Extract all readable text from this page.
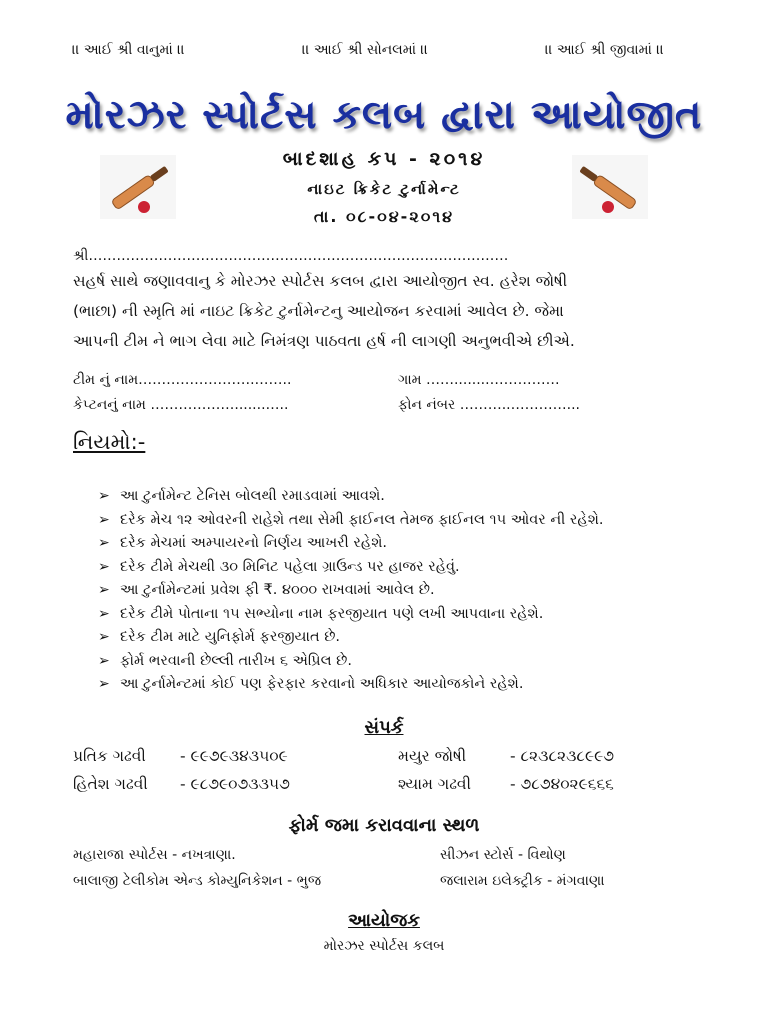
।। આઈ શ્રી વાનુમાં ।।	।। આઈ શ્રી સોનલમાં ।।	।। આઈ શ્રી જીવામાં ।।
મોરઝર સ્પોર્ટસ કલબ દ્વારા આયોજીત
બાદશાહ કપ - ૨૦૧૪
નાઇટ ક્રિકેટ ટુર્નામેન્ટ
તા. ૦૮-૦૪-૨૦૧૪
શ્રી………………………………………………………………………………
સહર્ષ સાથે જણાવવાનુ કે મોરઝર સ્પોર્ટસ કલબ દ્વારા આયોજીત સ્વ. હરેશ જોષી
(ભાછા) ની સ્મૃતિ માં નાઇટ ક્રિકેટ ટુર્નામેન્ટનુ આયોજન કરવામાં આવેલ છે. જેમા
આપની ટીમ ને ભાગ લેવા માટે નિમંત્રણ પાઠવતા હર્ષ ની લાગણી અનુભવીએ છીએ.
ટીમ નું નામ…………………….……..	ગામ ……........……………
કેપ્ટનનું નામ ……………….......…..	ફોન નંબર ………..…………...
નિયમો:-
➢ આ ટુર્નામેન્ટ ટેનિસ બોલથી રમાડવામાં આવશે.
➢ દરેક મેચ ૧૨ ઓવરની રાહેશે તથા સેમી ફાઈનલ તેમજ ફાઈનલ ૧૫ ઓવર ની રહેશે.
➢ દરેક મેચમાં અમ્પાયરનો નિર્ણય આખરી રહેશે.
➢ દરેક ટીમે મેચથી ૩૦ મિનિટ પહેલા ગ્રાઉન્ડ પર હાજર રહેવું.
➢ આ ટુર્નામેન્ટમાં પ્રવેશ ફી ₹. ૪૦૦૦ રાખવામાં આવેલ છે.
➢ દરેક ટીમે પોતાના ૧૫ સભ્યોના નામ ફરજીયાત પણે લખી આપવાના રહેશે.
➢ દરેક ટીમ માટે યુનિફોર્મ ફરજીયાત છે.
➢ ફોર્મ ભરવાની છેલ્લી તારીખ ૬ એપ્રિલ છે.
➢ આ ટુર્નામેન્ટમાં કોઈ પણ ફેરફાર કરવાનો અધિકાર આયોજકોને રહેશે.
સંપર્ક
પ્રતિક ગઢવી - ૯૯૭૯૩૪૩૫૦૯	મયુર જોષી	- ૮૨૩૮૨૩૮૯૯૭
હિતેશ ગઢવી - ૯૮૭૯૦૭૩૩૫૭	શ્યામ ગઢવી	- ૭૮૭૪૦૨૯૬૬૬
ફોર્મ જમા કરાવવાના સ્થળ
મહારાજા સ્પોર્ટસ - નખત્રાણા.	સીઝન સ્ટોર્સ - વિથોણ
બાલાજી ટેલીકોમ એન્ડ કોમ્યુનિકેશન - ભુજ	જલારામ ઇલેક્ટ્રીક - મંગવાણા
આયોજક
મોરઝર સ્પોર્ટસ કલબ
